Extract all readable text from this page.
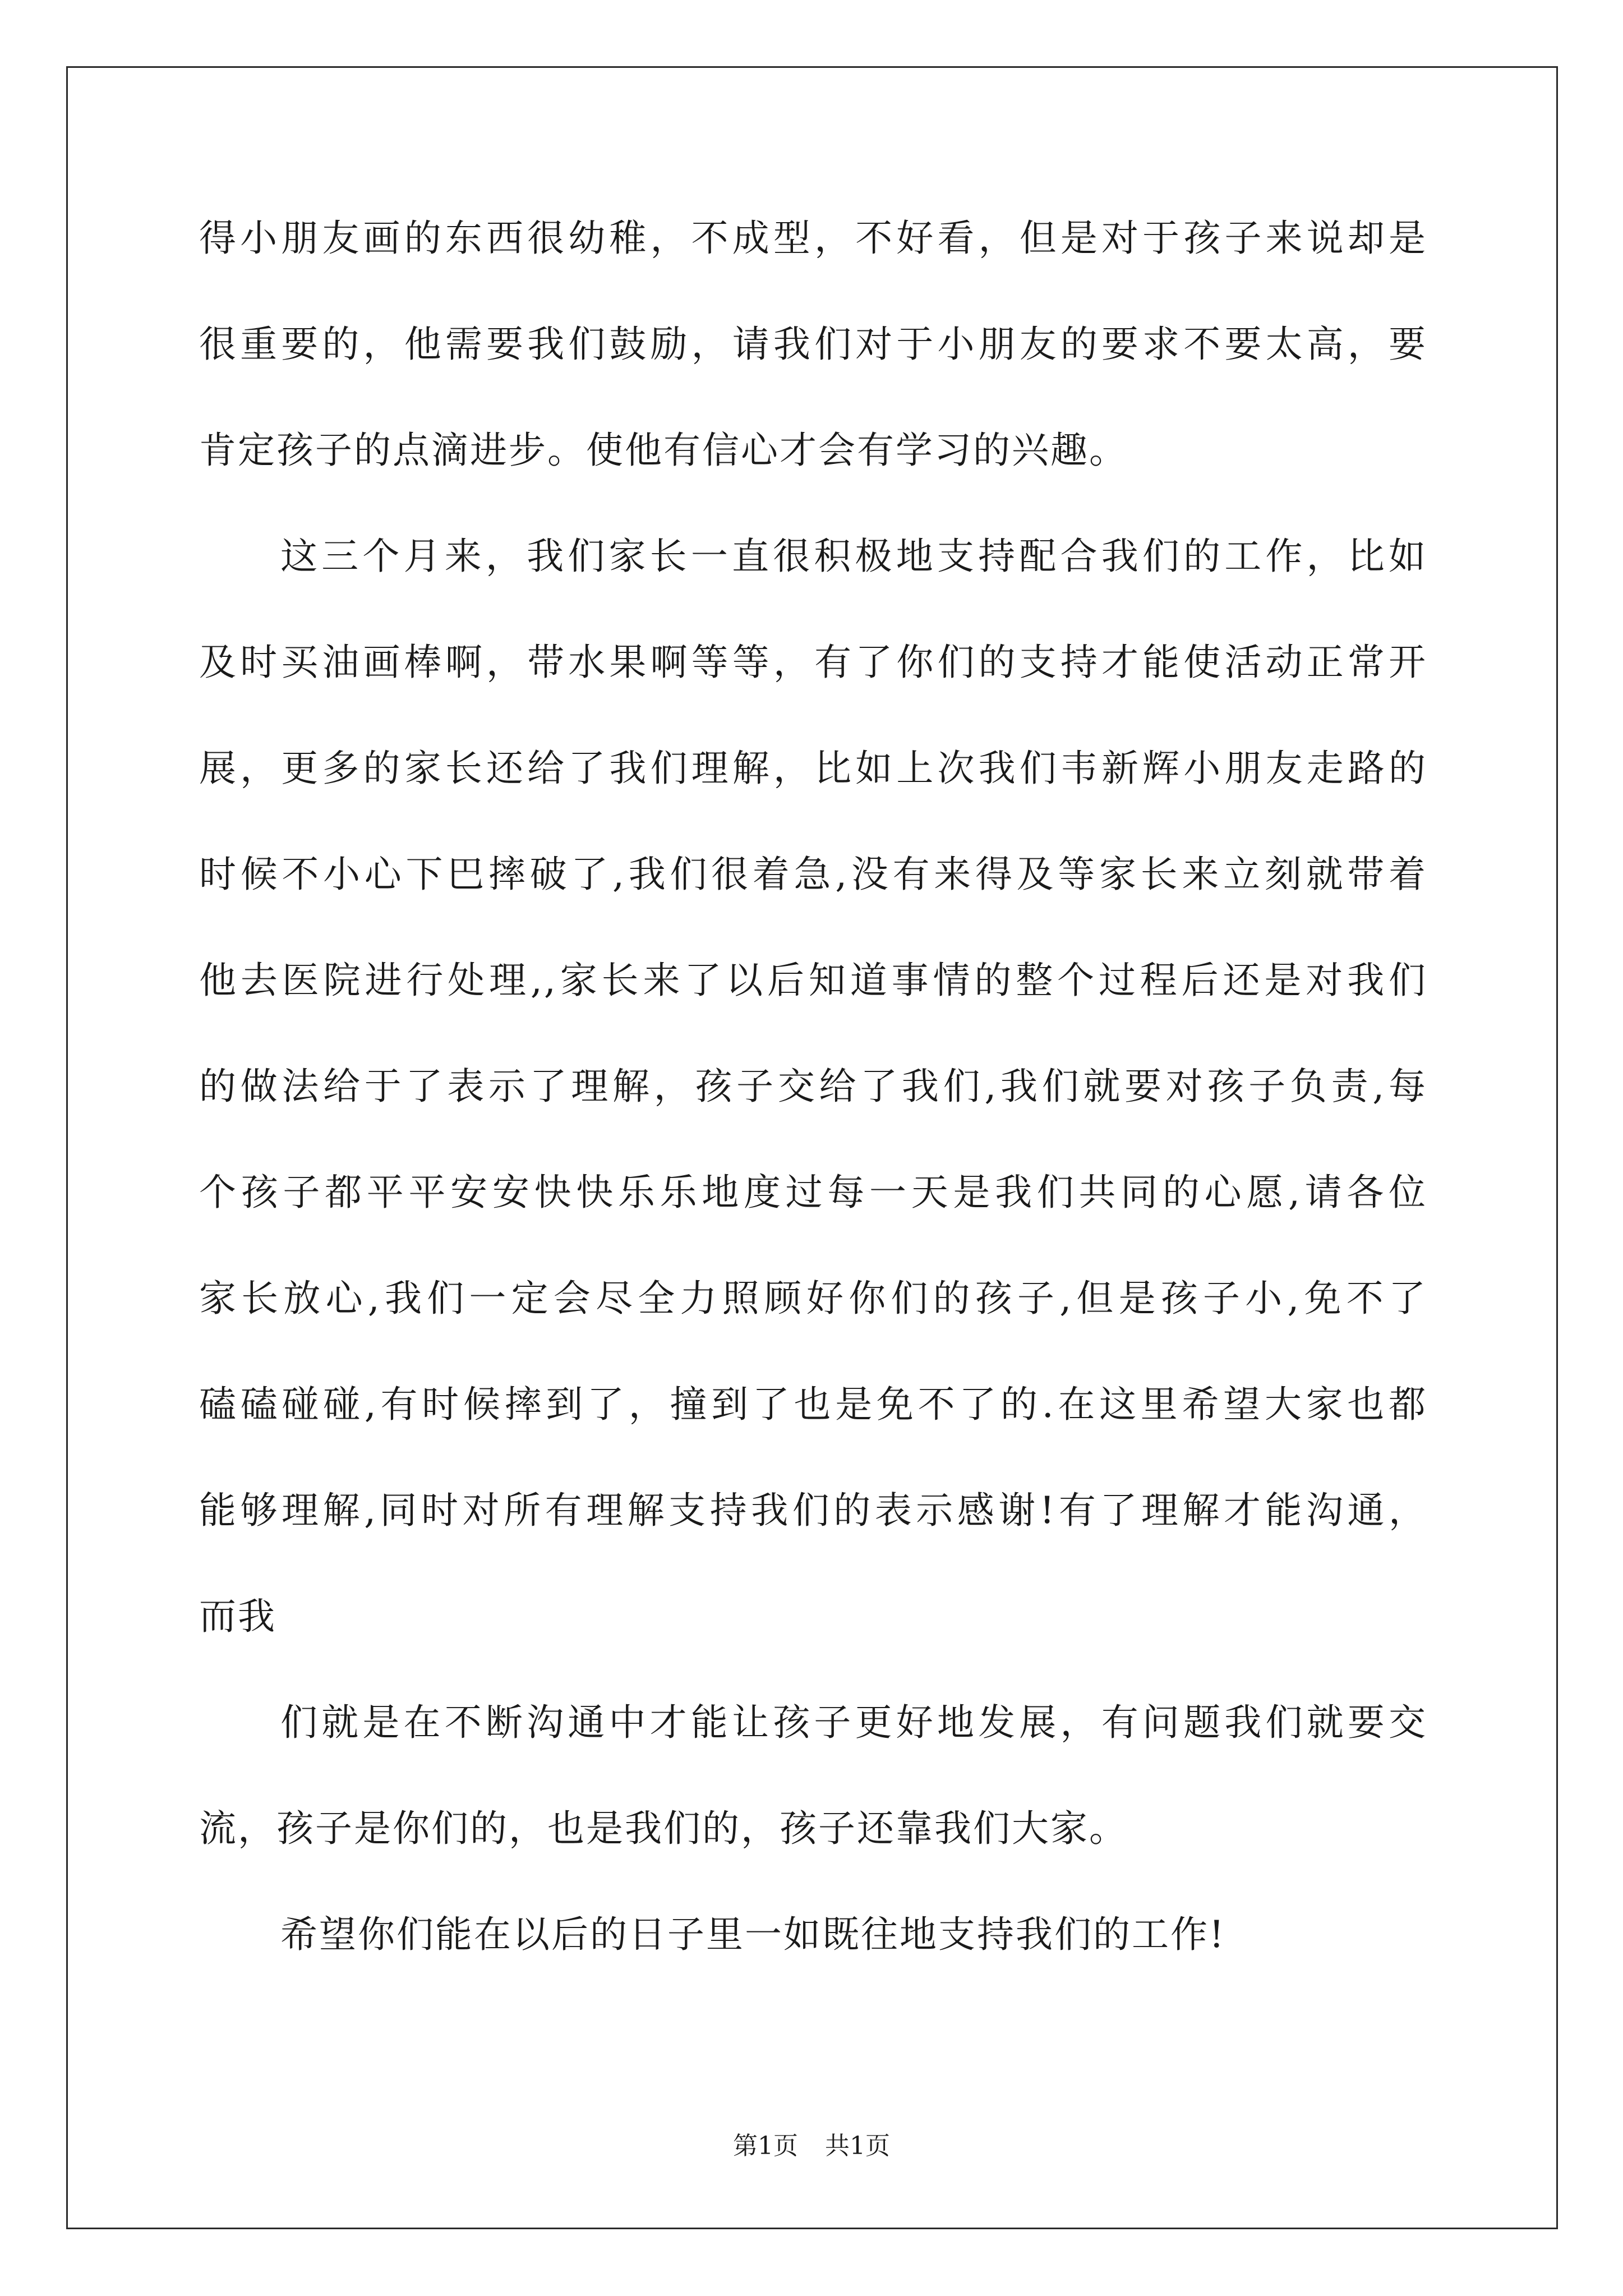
得小朋友画的东西很幼稚，不成型，不好看，但是对于孩子来说却是
很重要的，他需要我们鼓励，请我们对于小朋友的要求不要太高，要
肯定孩子的点滴进步。使他有信心才会有学习的兴趣。
这三个月来，我们家长一直很积极地支持配合我们的工作，比如
及时买油画棒啊，带水果啊等等，有了你们的支持才能使活动正常开
展，更多的家长还给了我们理解，比如上次我们韦新辉小朋友走路的
时候不小心下巴摔破了,我们很着急,没有来得及等家长来立刻就带着
他去医院进行处理,,家长来了以后知道事情的整个过程后还是对我们
的做法给于了表示了理解，孩子交给了我们,我们就要对孩子负责,每
个孩子都平平安安快快乐乐地度过每一天是我们共同的心愿,请各位
家长放心,我们一定会尽全力照顾好你们的孩子,但是孩子小,免不了
磕磕碰碰,有时候摔到了，撞到了也是免不了的.在这里希望大家也都
能够理解,同时对所有理解支持我们的表示感谢!有了理解才能沟通，
而我
们就是在不断沟通中才能让孩子更好地发展，有问题我们就要交
流，孩子是你们的，也是我们的，孩子还靠我们大家。
希望你们能在以后的日子里一如既往地支持我们的工作!
第1页 共1页
